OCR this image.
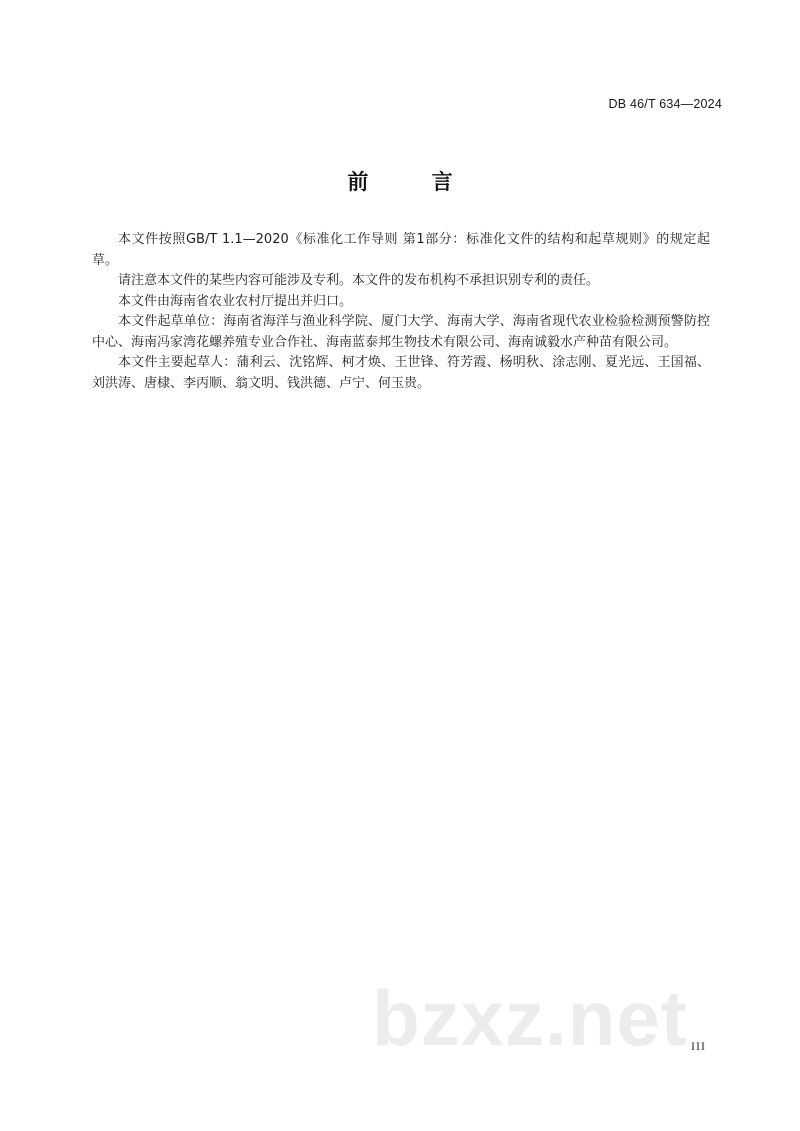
DB 46/T 634—2024
前 言

本文件按照GB/T 1.1—2020《标准化工作导则 第1部分：标准化文件的结构和起草规则》的规定起草。

请注意本文件的某些内容可能涉及专利。本文件的发布机构不承担识别专利的责任。

本文件由海南省农业农村厅提出并归口。

本文件起草单位：海南省海洋与渔业科学院、厦门大学、海南大学、海南省现代农业检验检测预警防控中心、海南冯家湾花螺养殖专业合作社、海南蓝泰邦生物技术有限公司、海南诚毅水产种苗有限公司。

本文件主要起草人：蒲利云、沈铭辉、柯才焕、王世锋、符芳霞、杨明秋、涂志刚、夏光远、王国福、刘洪涛、唐棣、李丙顺、翁文明、钱洪德、卢宁、何玉贵。

bzxz.net III
